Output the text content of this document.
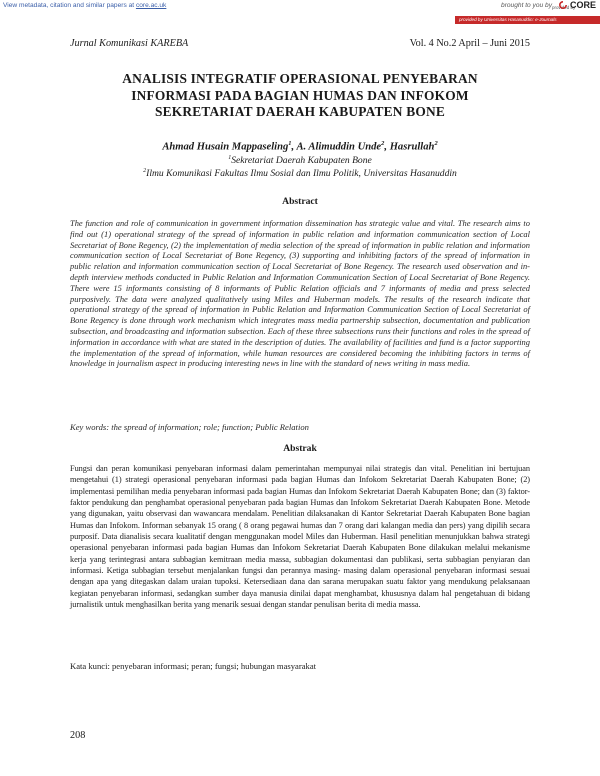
View metadata, citation and similar papers at core.ac.uk	brought to you by provided by
CORE
provided by Universitas Hasanuddin: e-Journals
Jurnal Komunikasi KAREBA	Vol. 4 No.2 April – Juni 2015
ANALISIS INTEGRATIF OPERASIONAL PENYEBARAN
INFORMASI PADA BAGIAN HUMAS DAN INFOKOM
SEKRETARIAT DAERAH KABUPATEN BONE
Ahmad Husain Mappaseling$^1$, A. Alimuddin Unde$^2$, Hasrullah$^2$
$^1$Sekretariat Daerah Kabupaten Bone
$^2$Ilmu Komunikasi Fakultas Ilmu Sosial dan Ilmu Politik, Universitas Hasanuddin
Abstract
The function and role of communication in government information dissemination has strategic value and vital. The research aims to find out (1) operational strategy of the spread of information in public relation and information communication section of Local Secretariat of Bone Regency, (2) the implementation of media selection of the spread of information in public relation and information communication section of Local Secretariat of Bone Regency, (3) supporting and inhibiting factors of the spread of information in public relation and information communication section of Local Secretariat of Bone Regency. The research used observation and in-depth interview methods conducted in Public Relation and Information Communication Section of Local Secretariat of Bone Regency. There were 15 informants consisting of 8 informants of Public Relation officials and 7 informants of media and press selected purposively. The data were analyzed qualitatively using Miles and Huberman models. The results of the research indicate that operational strategy of the spread of information in Public Relation and Information Communication Section of Local Secretariat of Bone Regency is done through work mechanism which integrates mass media partnership subsection, documentation and publication subsection, and broadcasting and information subsection. Each of these three subsections runs their functions and roles in the spread of information in accordance with what are stated in the description of duties. The availability of facilities and fund is a factor supporting the implementation of the spread of information, while human resources are considered becoming the inhibiting factors in terms of knowledge in journalism aspect in producing interesting news in line with the standard of news writing in mass media.
Key words: the spread of information; role; function; Public Relation
Abstrak
Fungsi dan peran komunikasi penyebaran informasi dalam pemerintahan mempunyai nilai strategis dan vital. Penelitian ini bertujuan mengetahui (1) strategi operasional penyebaran informasi pada bagian Humas dan Infokom Sekretariat Daerah Kabupaten Bone; (2) implementasi pemilihan media penyebaran informasi pada bagian Humas dan Infokom Sekretariat Daerah Kabupaten Bone; dan (3) faktor-faktor pendukung dan penghambat operasional penyebaran pada bagian Humas dan Infokom Sekretariat Daerah Kabupaten Bone. Metode yang digunakan, yaitu observasi dan wawancara mendalam. Penelitian dilaksanakan di Kantor Sekretariat Daerah Kabupaten Bone bagian Humas dan Infokom. Informan sebanyak 15 orang ( 8 orang pegawai humas dan 7 orang dari kalangan media dan pers) yang dipilih secara purposif. Data dianalisis secara kualitatif dengan menggunakan model Miles dan Huberman. Hasil penelitian menunjukkan bahwa strategi operasional penyebaran informasi pada bagian Humas dan Infokom Sekretariat Daerah Kabupaten Bone dilakukan melalui mekanisme kerja yang terintegrasi antara subbagian kemitraan media massa, subbagian dokumentasi dan publikasi, serta subbagian penyiaran dan informasi. Ketiga subbagian tersebut menjalankan fungsi dan perannya masing- masing dalam operasional penyebaran informasi sesuai dengan apa yang ditegaskan dalam uraian tupoksi. Ketersediaan dana dan sarana merupakan suatu faktor yang mendukung pelaksanaan kegiatan penyebaran informasi, sedangkan sumber daya manusia dinilai dapat menghambat, khususnya dalam hal pengetahuan di bidang jurnalistik untuk menghasilkan berita yang menarik sesuai dengan standar penulisan berita di media massa.
Kata kunci: penyebaran informasi; peran; fungsi; hubungan masyarakat
208
